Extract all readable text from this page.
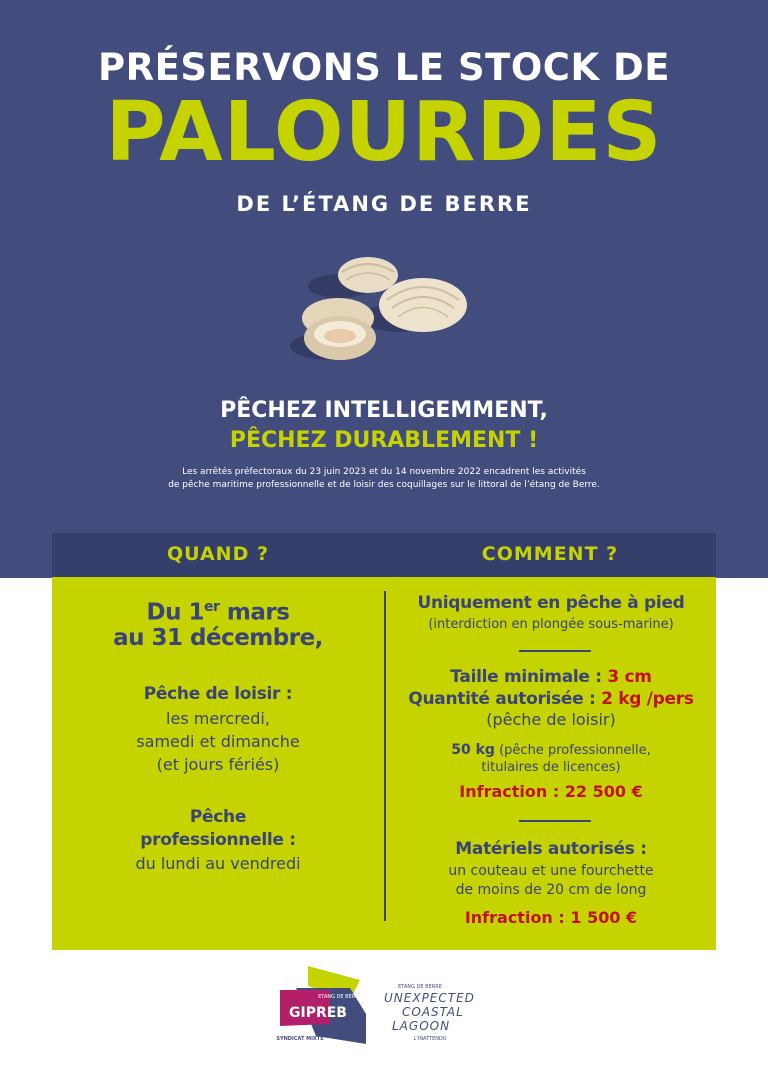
PRÉSERVONS LE STOCK DE
PALOURDES
DE L’ÉTANG DE BERRE
PÊCHEZ INTELLIGEMMENT,
PÊCHEZ DURABLEMENT !
Les arrêtés préfectoraux du 23 juin 2023 et du 14 novembre 2022 encadrent les activités
de pêche maritime professionnelle et de loisir des coquillages sur le littoral de l’étang de Berre.
QUAND ?	COMMENT ?
Du 1er mars
au 31 décembre,
Pêche de loisir :
les mercredi,
samedi et dimanche
(et jours fériés)
Pêche
professionnelle :
du lundi au vendredi
Uniquement en pêche à pied
(interdiction en plongée sous-marine)
Taille minimale : 3 cm
Quantité autorisée : 2 kg /pers
(pêche de loisir)
50 kg (pêche professionnelle,
titulaires de licences)
Infraction : 22 500 €
Matériels autorisés :
un couteau et une fourchette
de moins de 20 cm de long
Infraction : 1 500 €
ETANG DE BERRE
GIPREB
SYNDICAT MIXTE
ETANG DE BERRE
UNEXPECTED
COASTAL
LAGOON
L’INATTENDU
